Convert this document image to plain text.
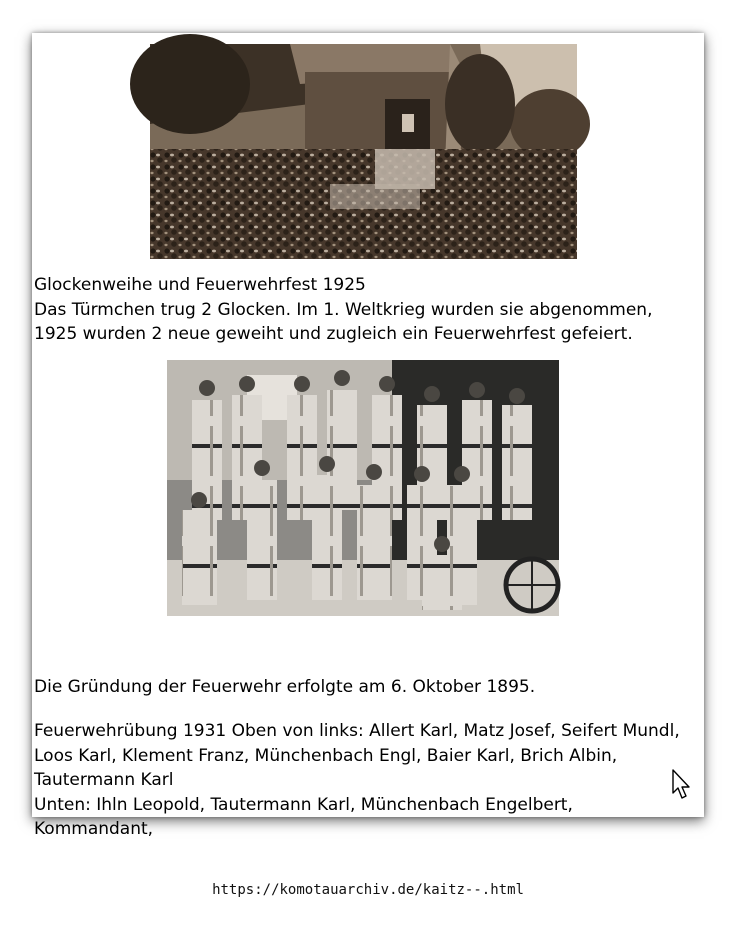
Glockenweihe und Feuerwehrfest 1925
Das Türmchen trug 2 Glocken. Im 1. Weltkrieg wurden sie abgenommen, 1925 wurden 2 neue geweiht und zugleich ein Feuerwehrfest gefeiert.
Die Gründung der Feuerwehr erfolgte am 6. Oktober 1895.
Feuerwehrübung 1931 Oben von links: Allert Karl, Matz Josef, Seifert Mundl, Loos Karl, Klement Franz, Münchenbach Engl, Baier Karl, Brich Albin, Tautermann Karl
Unten: Ihln Leopold, Tautermann Karl, Münchenbach Engelbert, Kommandant,
https://komotauarchiv.de/kaitz--.html
